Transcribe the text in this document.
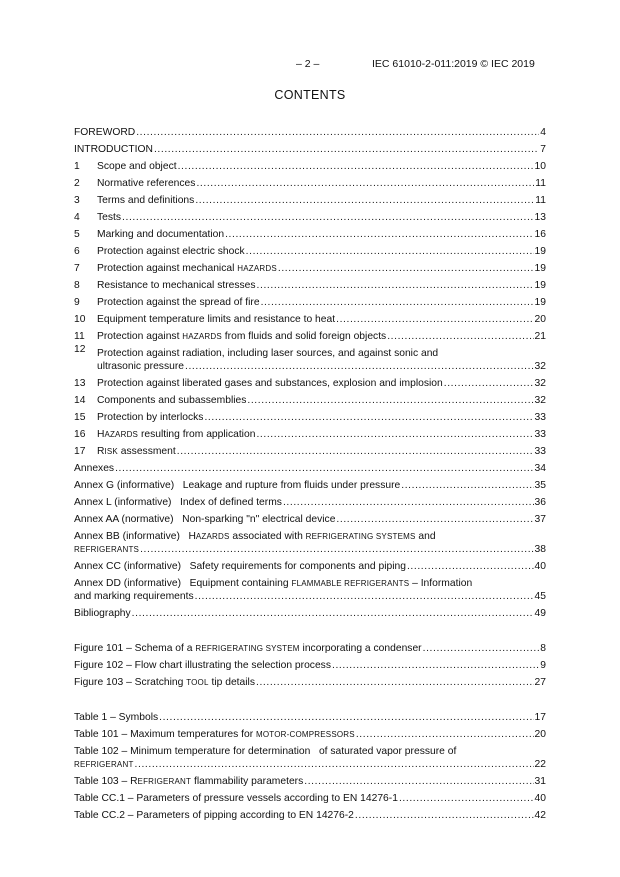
– 2 –	IEC 61010-2-011:2019 © IEC 2019
CONTENTS
FOREWORD .....	4
INTRODUCTION .....	7
1	Scope and object .....	10
2	Normative references .....	11
3	Terms and definitions .....	11
4	Tests .....	13
5	Marking and documentation .....	16
6	Protection against electric shock .....	19
7	Protection against mechanical HAZARDS .....	19
8	Resistance to mechanical stresses .....	19
9	Protection against the spread of fire .....	19
10	Equipment temperature limits and resistance to heat .....	20
11	Protection against HAZARDS from fluids and solid foreign objects .....	21
12	Protection against radiation, including laser sources, and against sonic and
ultrasonic pressure .....	32
13	Protection against liberated gases and substances, explosion and implosion .....	32
14	Components and subassemblies .....	32
15	Protection by interlocks .....	33
16	HAZARDS resulting from application .....	33
17	RISK assessment .....	33
Annexes .....	34
Annex G (informative)   Leakage and rupture from fluids under pressure .....	35
Annex L (informative)   Index of defined terms .....	36
Annex AA (normative)   Non-sparking "n" electrical device .....	37
Annex BB (informative)   HAZARDS associated with REFRIGERATING SYSTEMS and
REFRIGERANTS .....	38
Annex CC (informative)   Safety requirements for components and piping .....	40
Annex DD (informative)   Equipment containing FLAMMABLE REFRIGERANTS – Information
and marking requirements .....	45
Bibliography .....	49
Figure 101 – Schema of a REFRIGERATING SYSTEM incorporating a condenser .....	8
Figure 102 – Flow chart illustrating the selection process .....	9
Figure 103 – Scratching TOOL tip details .....	27
Table 1 – Symbols .....	17
Table 101 – Maximum temperatures for MOTOR-COMPRESSORS .....	20
Table 102 – Minimum temperature for determination   of saturated vapor pressure of
REFRIGERANT .....	22
Table 103 – REFRIGERANT flammability parameters .....	31
Table CC.1 – Parameters of pressure vessels according to EN 14276-1 .....	40
Table CC.2 – Parameters of pipping according to EN 14276-2 .....	42
